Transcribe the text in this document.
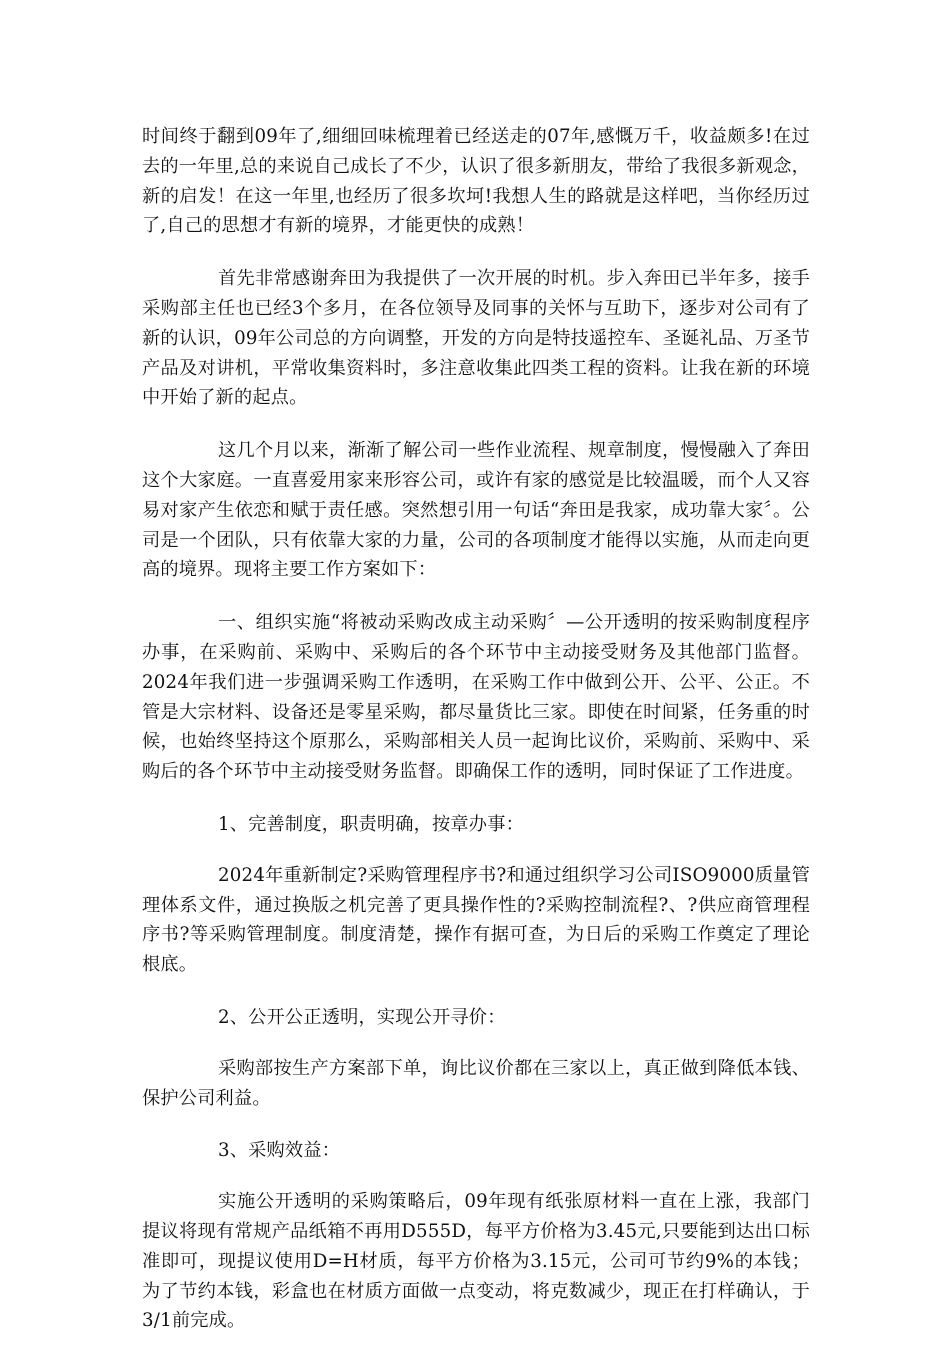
时间终于翻到09年了,细细回味梳理着已经送走的07年,感慨万千，收益颇多!在过去的一年里,总的来说自己成长了不少，认识了很多新朋友，带给了我很多新观念，新的启发！在这一年里,也经历了很多坎坷!我想人生的路就是这样吧，当你经历过了,自己的思想才有新的境界，才能更快的成熟！

首先非常感谢奔田为我提供了一次开展的时机。步入奔田已半年多，接手采购部主任也已经3个多月，在各位领导及同事的关怀与互助下，逐步对公司有了新的认识，09年公司总的方向调整，开发的方向是特技遥控车、圣诞礼品、万圣节产品及对讲机，平常收集资料时，多注意收集此四类工程的资料。让我在新的环境中开始了新的起点。

这几个月以来，渐渐了解公司一些作业流程、规章制度，慢慢融入了奔田这个大家庭。一直喜爱用家来形容公司，或许有家的感觉是比较温暖，而个人又容易对家产生依恋和赋于责任感。突然想引用一句话“奔田是我家，成功靠大家〞。公司是一个团队，只有依靠大家的力量，公司的各项制度才能得以实施，从而走向更高的境界。现将主要工作方案如下：

一、组织实施“将被动采购改成主动采购〞—公开透明的按采购制度程序办事，在采购前、采购中、采购后的各个环节中主动接受财务及其他部门监督。2024年我们进一步强调采购工作透明，在采购工作中做到公开、公平、公正。不管是大宗材料、设备还是零星采购，都尽量货比三家。即使在时间紧，任务重的时候，也始终坚持这个原那么，采购部相关人员一起询比议价，采购前、采购中、采购后的各个环节中主动接受财务监督。即确保工作的透明，同时保证了工作进度。

1、完善制度，职责明确，按章办事：

2024年重新制定?采购管理程序书?和通过组织学习公司ISO9000质量管理体系文件，通过换版之机完善了更具操作性的?采购控制流程?、?供应商管理程序书?等采购管理制度。制度清楚，操作有据可查，为日后的采购工作奠定了理论根底。

2、公开公正透明，实现公开寻价：

采购部按生产方案部下单，询比议价都在三家以上，真正做到降低本钱、保护公司利益。

3、采购效益：

实施公开透明的采购策略后，09年现有纸张原材料一直在上涨，我部门提议将现有常规产品纸箱不再用D555D，每平方价格为3.45元,只要能到达出口标准即可，现提议使用D=H材质，每平方价格为3.15元，公司可节约9%的本钱；为了节约本钱，彩盒也在材质方面做一点变动，将克数减少，现正在打样确认，于3/1前完成。
